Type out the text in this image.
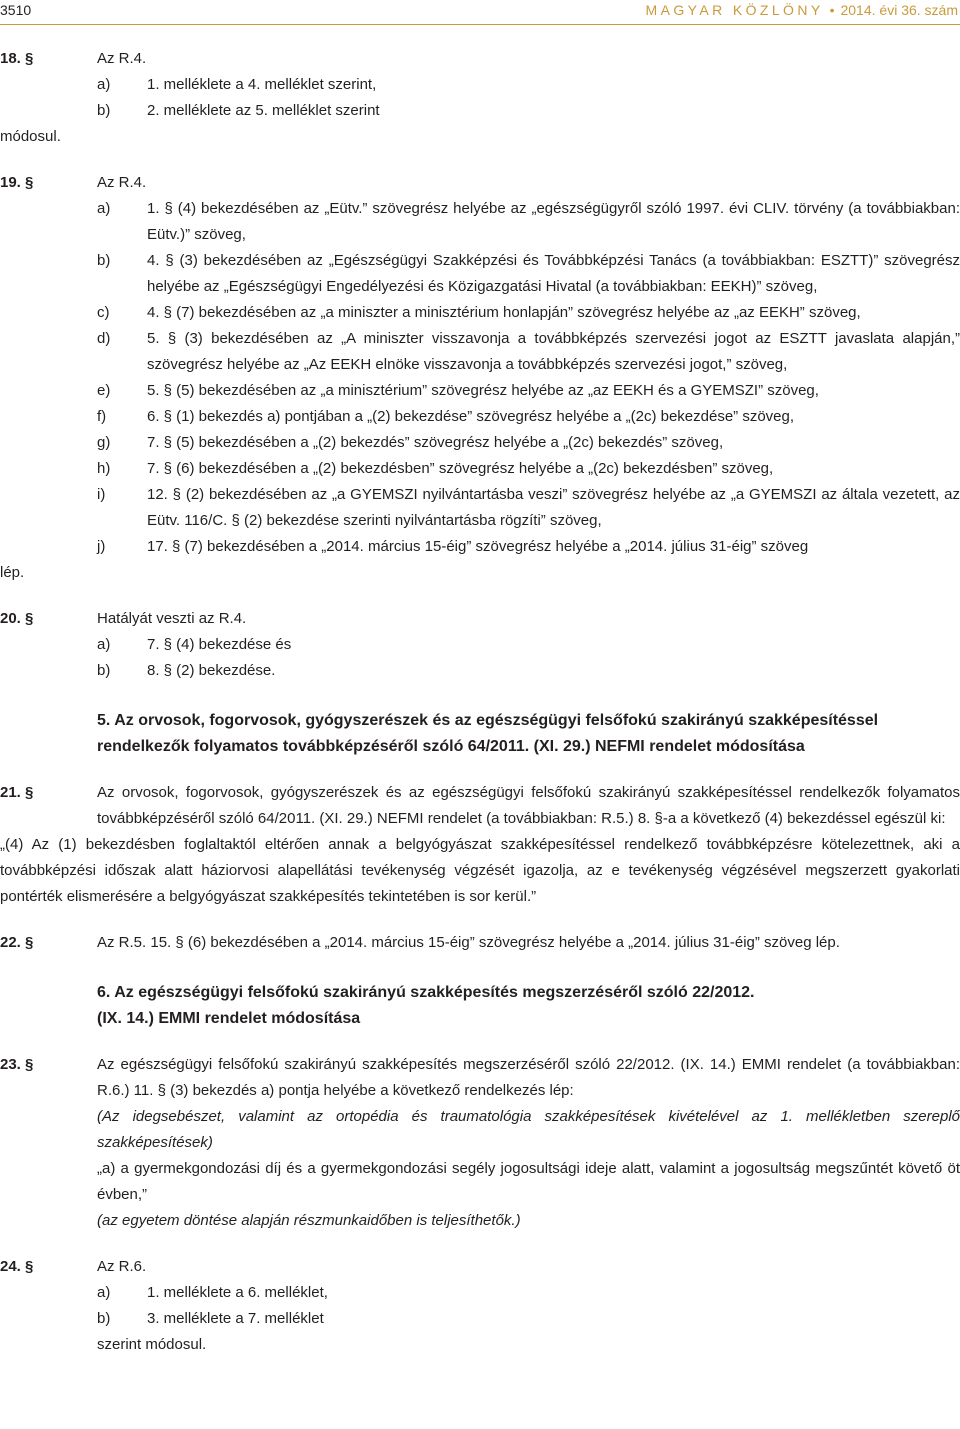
3510	MAGYAR KÖZLÖNY • 2014. évi 36. szám
18. §	Az R.4.
a) 1. melléklete a 4. melléklet szerint,
b) 2. melléklete az 5. melléklet szerint
módosul.
19. §	Az R.4.
a) 1. § (4) bekezdésében az „Eütv.” szövegrész helyébe az „egészségügyről szóló 1997. évi CLIV. törvény (a továbbiakban: Eütv.)” szöveg,
b) 4. § (3) bekezdésében az „Egészségügyi Szakképzési és Továbbképzési Tanács (a továbbiakban: ESZTT)” szövegrész helyébe az „Egészségügyi Engedélyezési és Közigazgatási Hivatal (a továbbiakban: EEKH)” szöveg,
c)	4. § (7) bekezdésében az „a miniszter a minisztérium honlapján” szövegrész helyébe az „az EEKH” szöveg,
d) 5. § (3) bekezdésében az „A miniszter visszavonja a továbbképzés szervezési jogot az ESZTT javaslata alapján,” szövegrész helyébe az „Az EEKH elnöke visszavonja a továbbképzés szervezési jogot,” szöveg,
e) 5. § (5) bekezdésében az „a minisztérium” szövegrész helyébe az „az EEKH és a GYEMSZI” szöveg,
f)	6. § (1) bekezdés a) pontjában a „(2) bekezdése” szövegrész helyébe a „(2c) bekezdése” szöveg,
g) 7. § (5) bekezdésében a „(2) bekezdés” szövegrész helyébe a „(2c) bekezdés” szöveg,
h) 7. § (6) bekezdésében a „(2) bekezdésben” szövegrész helyébe a „(2c) bekezdésben” szöveg,
i)	12. § (2) bekezdésében az „a GYEMSZI nyilvántartásba veszi” szövegrész helyébe az „a GYEMSZI az általa vezetett, az Eütv. 116/C. § (2) bekezdése szerinti nyilvántartásba rögzíti” szöveg,
j)	17. § (7) bekezdésében a „2014. március 15-éig” szövegrész helyébe a „2014. július 31-éig” szöveg
lép.
20. §	Hatályát veszti az R.4.
a) 7. § (4) bekezdése és
b) 8. § (2) bekezdése.
5. Az orvosok, fogorvosok, gyógyszerészek és az egészségügyi felsőfokú szakirányú szakképesítéssel rendelkezők folyamatos továbbképzéséről szóló 64/2011. (XI. 29.) NEFMI rendelet módosítása
21. §	Az orvosok, fogorvosok, gyógyszerészek és az egészségügyi felsőfokú szakirányú szakképesítéssel rendelkezők folyamatos továbbképzéséről szóló 64/2011. (XI. 29.) NEFMI rendelet (a továbbiakban: R.5.) 8. §-a a következő (4) bekezdéssel egészül ki:
„(4) Az (1) bekezdésben foglaltaktól eltérően annak a belgyógyászat szakképesítéssel rendelkező továbbképzésre kötelezettnek, aki a továbbképzési időszak alatt háziorvosi alapellátási tevékenység végzését igazolja, az e tevékenység végzésével megszerzett gyakorlati pontérték elismerésére a belgyógyászat szakképesítés tekintetében is sor kerül.”
22. §	Az R.5. 15. § (6) bekezdésében a „2014. március 15-éig” szövegrész helyébe a „2014. július 31-éig” szöveg lép.
6. Az egészségügyi felsőfokú szakirányú szakképesítés megszerzéséről szóló 22/2012. (IX. 14.) EMMI rendelet módosítása
23. §	Az egészségügyi felsőfokú szakirányú szakképesítés megszerzéséről szóló 22/2012. (IX. 14.) EMMI rendelet (a továbbiakban: R.6.) 11. § (3) bekezdés a) pontja helyébe a következő rendelkezés lép:
(Az idegsebészet, valamint az ortopédia és traumatológia szakképesítések kivételével az 1. mellékletben szereplő szakképesítések)
„a) a gyermekgondozási díj és a gyermekgondozási segély jogosultsági ideje alatt, valamint a jogosultság megszűntét követő öt évben,”
(az egyetem döntése alapján részmunkaidőben is teljesíthetők.)
24. §	Az R.6.
a) 1. melléklete a 6. melléklet,
b) 3. melléklete a 7. melléklet
szerint módosul.
